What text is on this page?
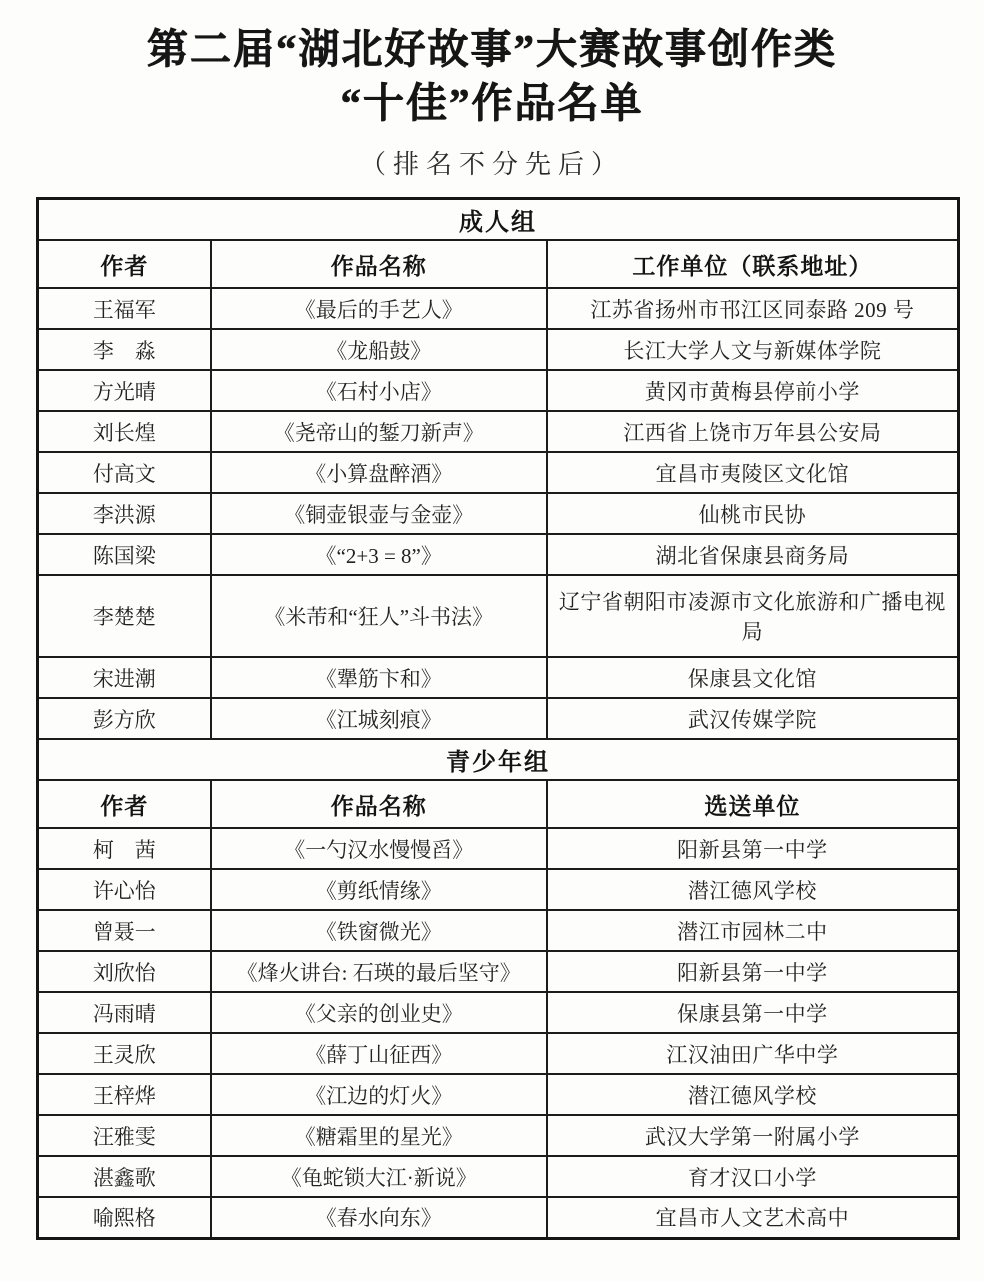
第二届“湖北好故事”大赛故事创作类
“十佳”作品名单
（排名不分先后）
成人组		
作者	作品名称	工作单位（联系地址）
王福军	《最后的手艺人》	江苏省扬州市邗江区同泰路 209 号
李　淼	《龙船鼓》	长江大学人文与新媒体学院
方光晴	《石村小店》	黄冈市黄梅县停前小学
刘长煌	《尧帝山的錾刀新声》	江西省上饶市万年县公安局
付高文	《小算盘醉酒》	宜昌市夷陵区文化馆
李洪源	《铜壶银壶与金壶》	仙桃市民协
陈国梁	《“2+3 = 8”》	湖北省保康县商务局
李楚楚	《米芾和“狂人”斗书法》	辽宁省朝阳市凌源市文化旅游和广播电视局
宋进潮	《犟筋卞和》	保康县文化馆
彭方欣	《江城刻痕》	武汉传媒学院
青少年组		
作者	作品名称	选送单位
柯　茜	《一勺汉水慢慢舀》	阳新县第一中学
许心怡	《剪纸情缘》	潜江德风学校
曾聂一	《铁窗微光》	潜江市园林二中
刘欣怡	《烽火讲台: 石瑛的最后坚守》	阳新县第一中学
冯雨晴	《父亲的创业史》	保康县第一中学
王灵欣	《薛丁山征西》	江汉油田广华中学
王梓烨	《江边的灯火》	潜江德风学校
汪雅雯	《糖霜里的星光》	武汉大学第一附属小学
湛鑫歌	《龟蛇锁大江·新说》	育才汉口小学
喻熙格	《春水向东》	宜昌市人文艺术高中
